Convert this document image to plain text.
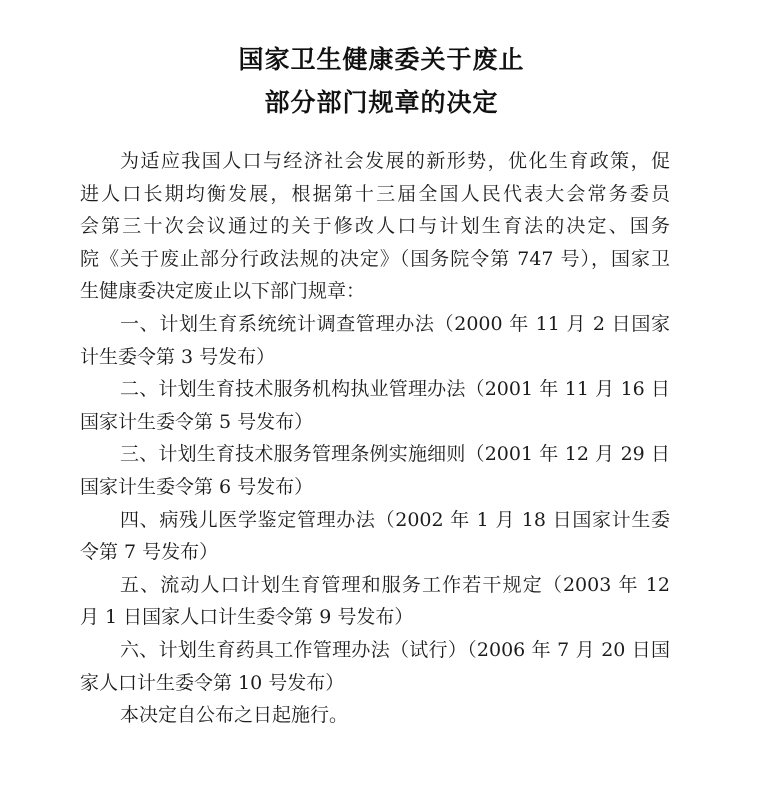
国家卫生健康委关于废止
部分部门规章的决定
为适应我国人口与经济社会发展的新形势，优化生育政策，促
进人口长期均衡发展，根据第十三届全国人民代表大会常务委员
会第三十次会议通过的关于修改人口与计划生育法的决定、国务
院《关于废止部分行政法规的决定》（国务院令第 747 号），国家卫
生健康委决定废止以下部门规章：
一、计划生育系统统计调查管理办法（2000 年 11 月 2 日国家
计生委令第 3 号发布）
二、计划生育技术服务机构执业管理办法（2001 年 11 月 16 日
国家计生委令第 5 号发布）
三、计划生育技术服务管理条例实施细则（2001 年 12 月 29 日
国家计生委令第 6 号发布）
四、病残儿医学鉴定管理办法（2002 年 1 月 18 日国家计生委
令第 7 号发布）
五、流动人口计划生育管理和服务工作若干规定（2003 年 12
月 1 日国家人口计生委令第 9 号发布）
六、计划生育药具工作管理办法（试行）（2006 年 7 月 20 日国
家人口计生委令第 10 号发布）
本决定自公布之日起施行。
